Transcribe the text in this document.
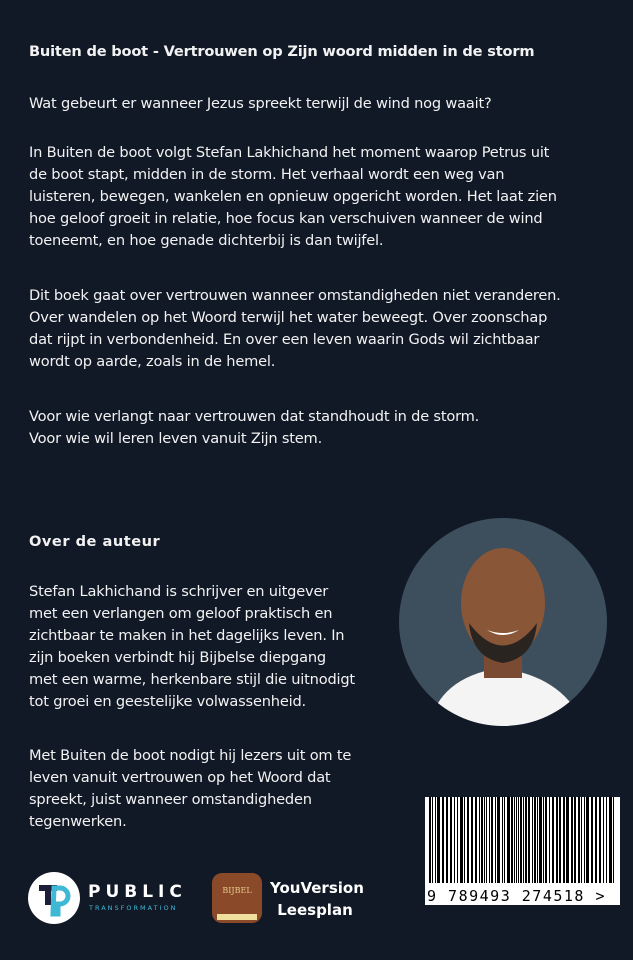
Buiten de boot - Vertrouwen op Zijn woord midden in de storm
Wat gebeurt er wanneer Jezus spreekt terwijl de wind nog waait?
In Buiten de boot volgt Stefan Lakhichand het moment waarop Petrus uit
de boot stapt, midden in de storm. Het verhaal wordt een weg van
luisteren, bewegen, wankelen en opnieuw opgericht worden. Het laat zien
hoe geloof groeit in relatie, hoe focus kan verschuiven wanneer de wind
toeneemt, en hoe genade dichterbij is dan twijfel.
Dit boek gaat over vertrouwen wanneer omstandigheden niet veranderen.
Over wandelen op het Woord terwijl het water beweegt. Over zoonschap
dat rijpt in verbondenheid. En over een leven waarin Gods wil zichtbaar
wordt op aarde, zoals in de hemel.
Voor wie verlangt naar vertrouwen dat standhoudt in de storm.
Voor wie wil leren leven vanuit Zijn stem.
Over de auteur
Stefan Lakhichand is schrijver en uitgever
met een verlangen om geloof praktisch en
zichtbaar te maken in het dagelijks leven. In
zijn boeken verbindt hij Bijbelse diepgang
met een warme, herkenbare stijl die uitnodigt
tot groei en geestelijke volwassenheid.
Met Buiten de boot nodigt hij lezers uit om te
leven vanuit vertrouwen op het Woord dat
spreekt, juist wanneer omstandigheden
tegenwerken.
PUBLIC
TRANSFORMATION
BIJBEL	YouVersion
Leesplan
9 789493 274518 >
